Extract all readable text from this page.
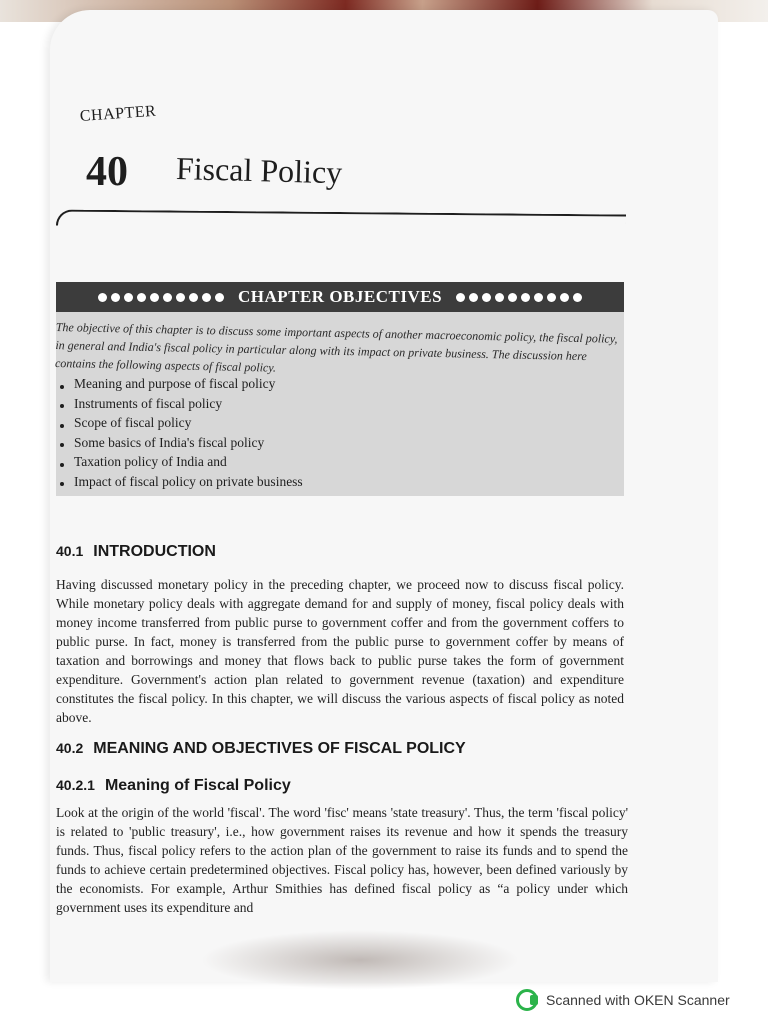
CHAPTER
40 Fiscal Policy
CHAPTER OBJECTIVES
The objective of this chapter is to discuss some important aspects of another macroeconomic policy, the fiscal policy, in general and India's fiscal policy in particular along with its impact on private business. The discussion here contains the following aspects of fiscal policy.
Meaning and purpose of fiscal policy
Instruments of fiscal policy
Scope of fiscal policy
Some basics of India's fiscal policy
Taxation policy of India and
Impact of fiscal policy on private business
40.1 INTRODUCTION
Having discussed monetary policy in the preceding chapter, we proceed now to discuss fiscal policy. While monetary policy deals with aggregate demand for and supply of money, fiscal policy deals with money income transferred from public purse to government coffer and from the government coffers to public purse. In fact, money is transferred from the public purse to government coffer by means of taxation and borrowings and money that flows back to public purse takes the form of government expenditure. Government's action plan related to government revenue (taxation) and expenditure constitutes the fiscal policy. In this chapter, we will discuss the various aspects of fiscal policy as noted above.
40.2 MEANING AND OBJECTIVES OF FISCAL POLICY
40.2.1 Meaning of Fiscal Policy
Look at the origin of the world 'fiscal'. The word 'fisc' means 'state treasury'. Thus, the term 'fiscal policy' is related to 'public treasury', i.e., how government raises its revenue and how it spends the treasury funds. Thus, fiscal policy refers to the action plan of the government to raise its funds and to spend the funds to achieve certain predetermined objectives. Fiscal policy has, however, been defined variously by the economists. For example, Arthur Smithies has defined fiscal policy as “a policy under which government uses its expenditure and
Scanned with OKEN Scanner
